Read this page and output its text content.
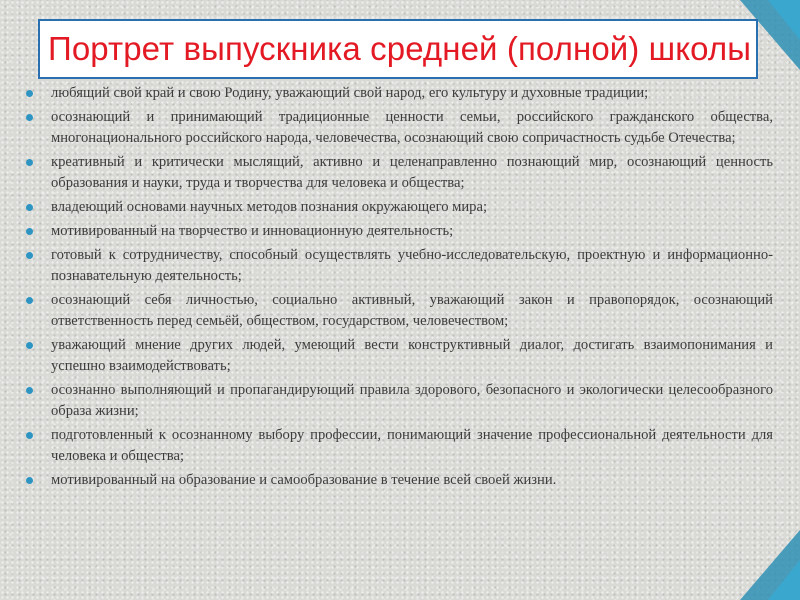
Портрет выпускника средней (полной) школы
любящий свой край и свою Родину, уважающий свой народ, его культуру и духовные традиции;
осознающий и принимающий традиционные ценности семьи, российского гражданского общества, многонационального российского народа, человечества, осознающий свою сопричастность судьбе Отечества;
креативный и критически мыслящий, активно и целенаправленно познающий мир, осознающий ценность образования и науки, труда и творчества для человека и общества;
владеющий основами научных методов познания окружающего мира;
мотивированный на творчество и инновационную деятельность;
готовый к сотрудничеству, способный осуществлять учебно-исследовательскую, проектную и информационно-познавательную деятельность;
осознающий себя личностью, социально активный, уважающий закон и правопорядок, осознающий ответственность перед семьёй, обществом, государством, человечеством;
уважающий мнение других людей, умеющий вести конструктивный диалог, достигать взаимопонимания и успешно взаимодействовать;
осознанно выполняющий и пропагандирующий правила здорового, безопасного и экологически целесообразного образа жизни;
подготовленный к осознанному выбору профессии, понимающий значение профессиональной деятельности для человека и общества;
мотивированный на образование и самообразование в течение всей своей жизни.
